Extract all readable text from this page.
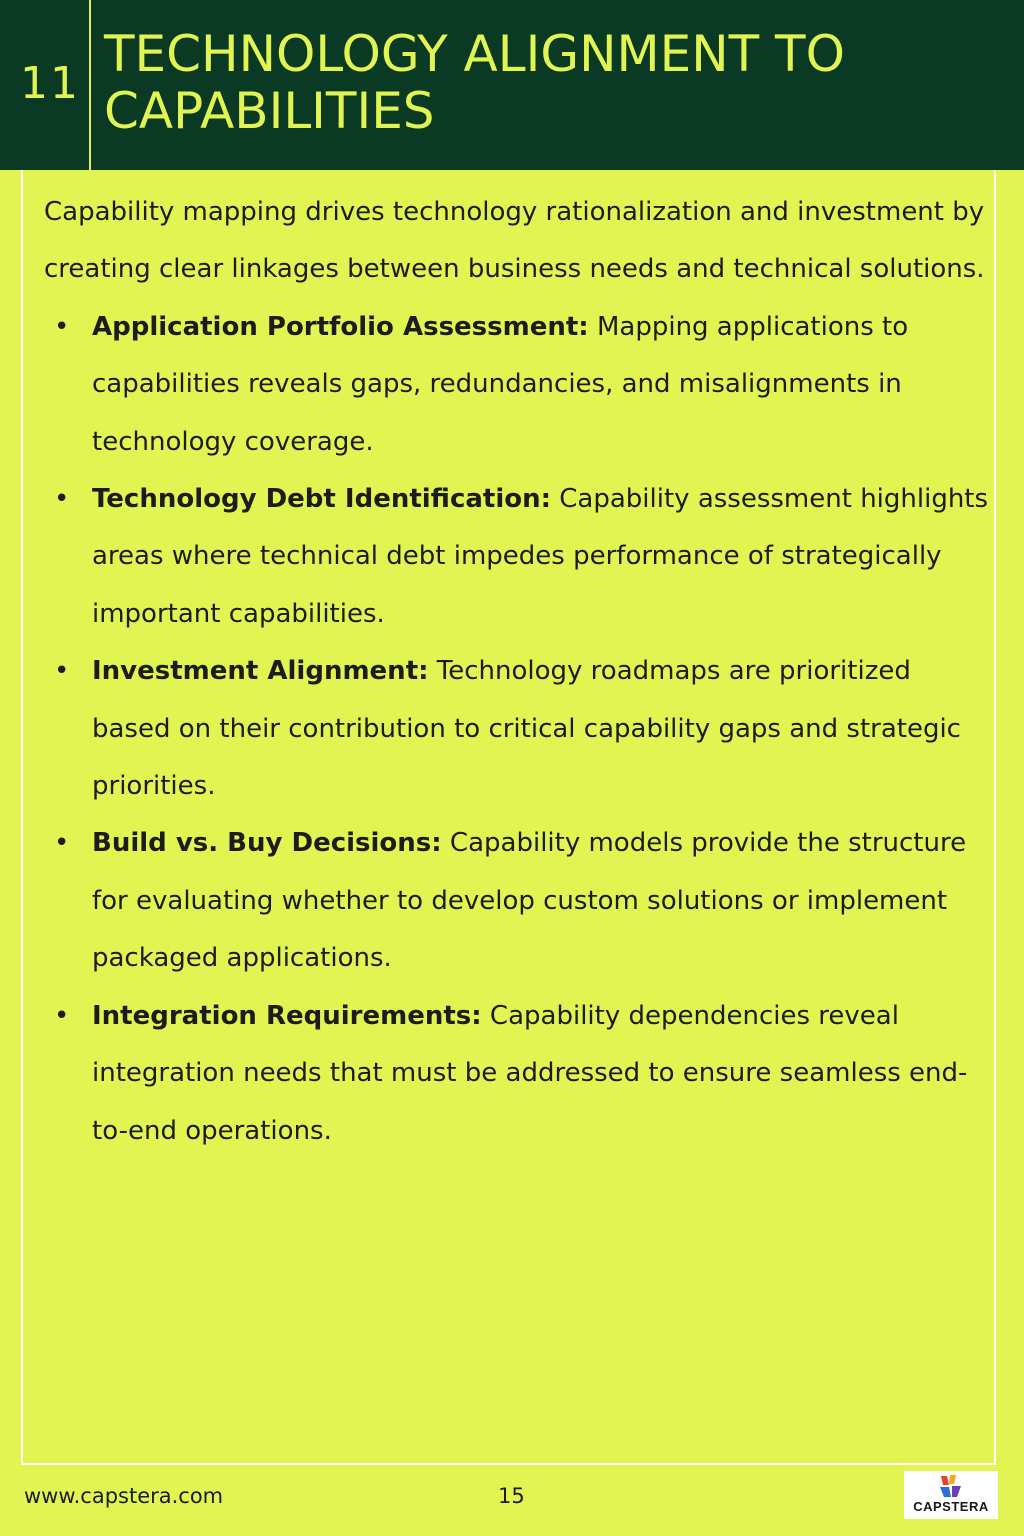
11
TECHNOLOGY ALIGNMENT TO CAPABILITIES

Capability mapping drives technology rationalization and investment by creating clear linkages between business needs and technical solutions.

• Application Portfolio Assessment: Mapping applications to capabilities reveals gaps, redundancies, and misalignments in technology coverage.

• Technology Debt Identification: Capability assessment highlights areas where technical debt impedes performance of strategically important capabilities.

• Investment Alignment: Technology roadmaps are prioritized based on their contribution to critical capability gaps and strategic priorities.

• Build vs. Buy Decisions: Capability models provide the structure for evaluating whether to develop custom solutions or implement packaged applications.

• Integration Requirements: Capability dependencies reveal integration needs that must be addressed to ensure seamless end-to-end operations.

www.capstera.com	15	CAPSTERA
